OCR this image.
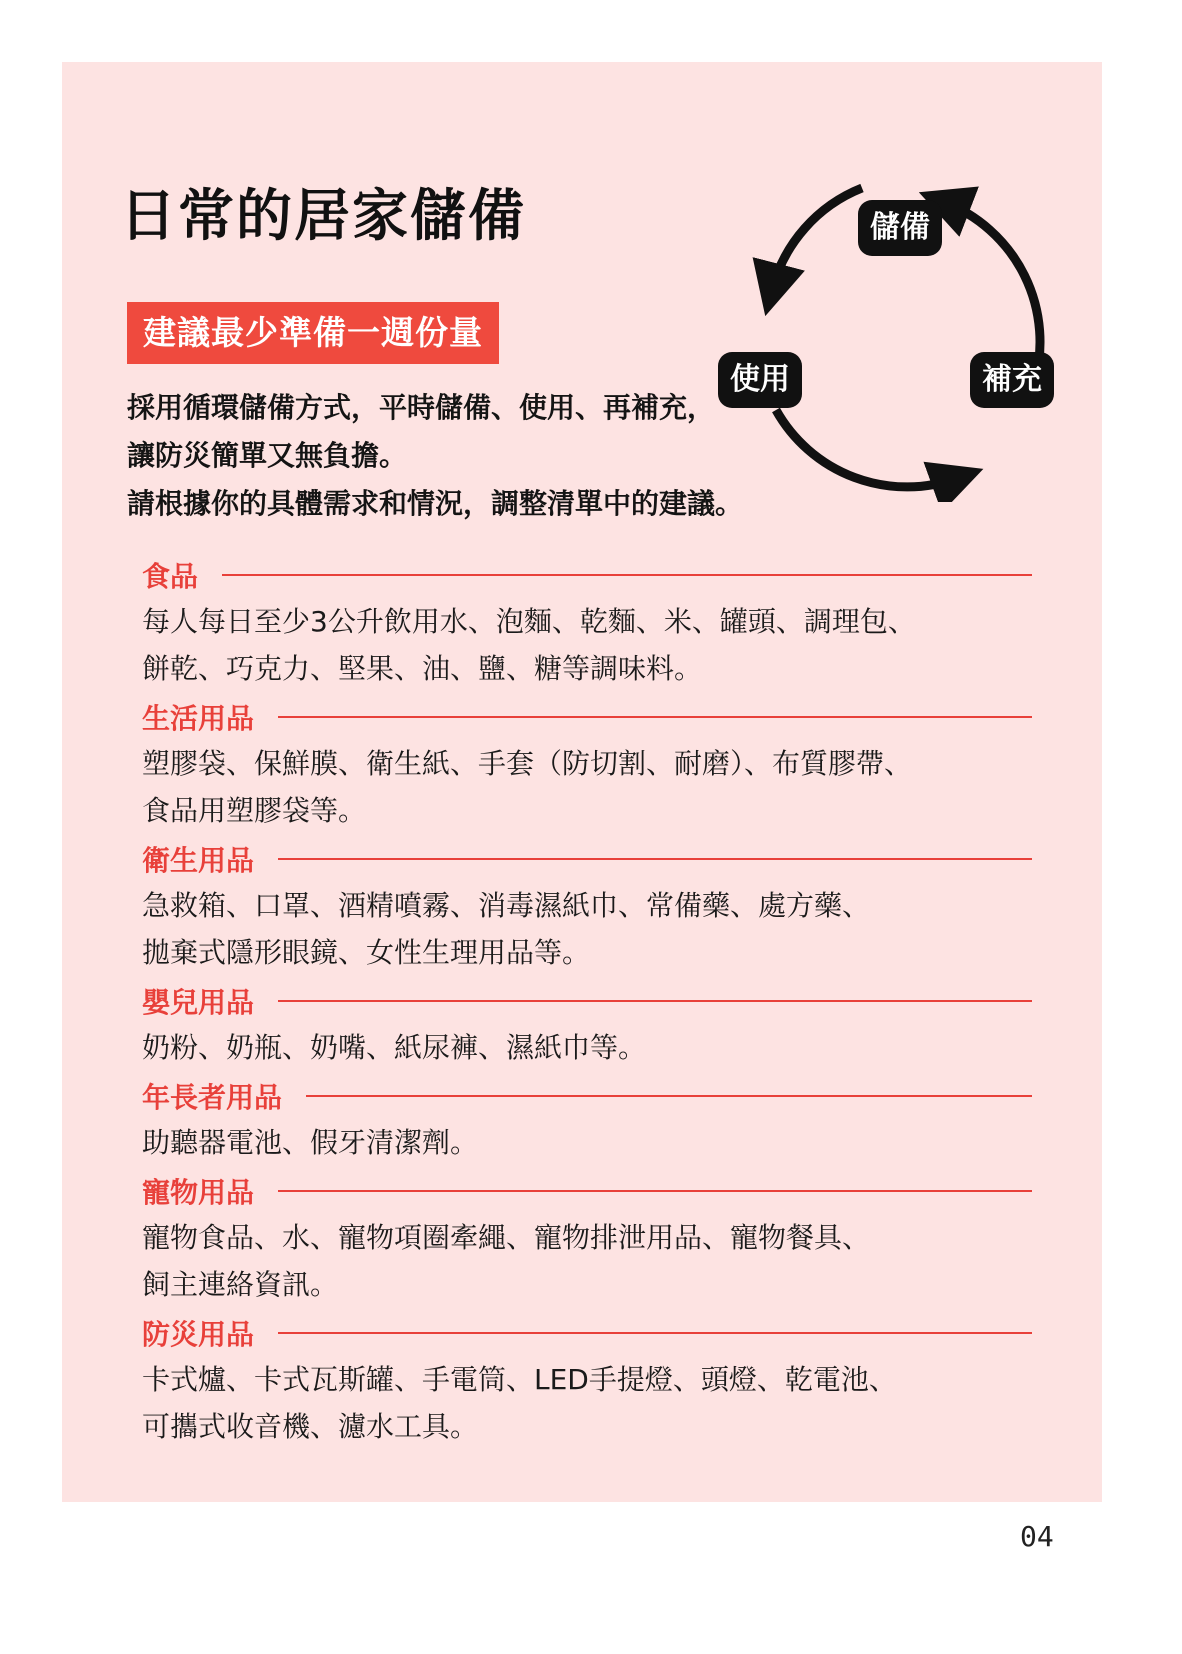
日常的居家儲備
建議最少準備一週份量

採用循環儲備方式，平時儲備、使用、再補充，

讓防災簡單又無負擔。

請根據你的具體需求和情況，調整清單中的建議。

儲備
使用	補充
食品

每人每日至少3公升飲用水、泡麵、乾麵、米、罐頭、調理包、

餅乾、巧克力、堅果、油、鹽、糖等調味料。

生活用品

塑膠袋、保鮮膜、衛生紙、手套（防切割、耐磨）、布質膠帶、

食品用塑膠袋等。

衛生用品

急救箱、口罩、酒精噴霧、消毒濕紙巾、常備藥、處方藥、

拋棄式隱形眼鏡、女性生理用品等。

嬰兒用品

奶粉、奶瓶、奶嘴、紙尿褲、濕紙巾等。

年長者用品

助聽器電池、假牙清潔劑。

寵物用品

寵物食品、水、寵物項圈牽繩、寵物排泄用品、寵物餐具、

飼主連絡資訊。

防災用品

卡式爐、卡式瓦斯罐、手電筒、LED手提燈、頭燈、乾電池、

可攜式收音機、濾水工具。

04
